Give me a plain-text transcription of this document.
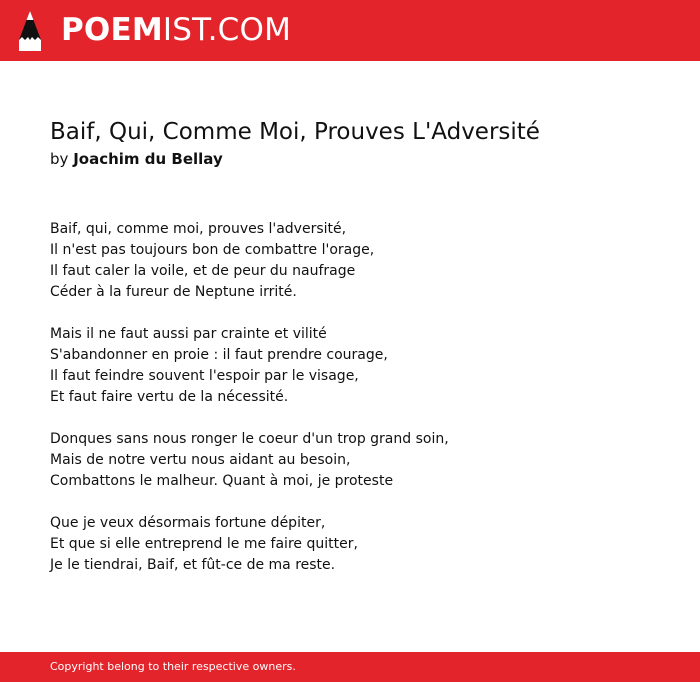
POEMIST.COM
Baif, Qui, Comme Moi, Prouves L'Adversité
by Joachim du Bellay
Baif, qui, comme moi, prouves l'adversité,
Il n'est pas toujours bon de combattre l'orage,
Il faut caler la voile, et de peur du naufrage
Céder à la fureur de Neptune irrité.
Mais il ne faut aussi par crainte et vilité
S'abandonner en proie : il faut prendre courage,
Il faut feindre souvent l'espoir par le visage,
Et faut faire vertu de la nécessité.
Donques sans nous ronger le coeur d'un trop grand soin,
Mais de notre vertu nous aidant au besoin,
Combattons le malheur. Quant à moi, je proteste
Que je veux désormais fortune dépiter,
Et que si elle entreprend le me faire quitter,
Je le tiendrai, Baif, et fût-ce de ma reste.
Copyright belong to their respective owners.
